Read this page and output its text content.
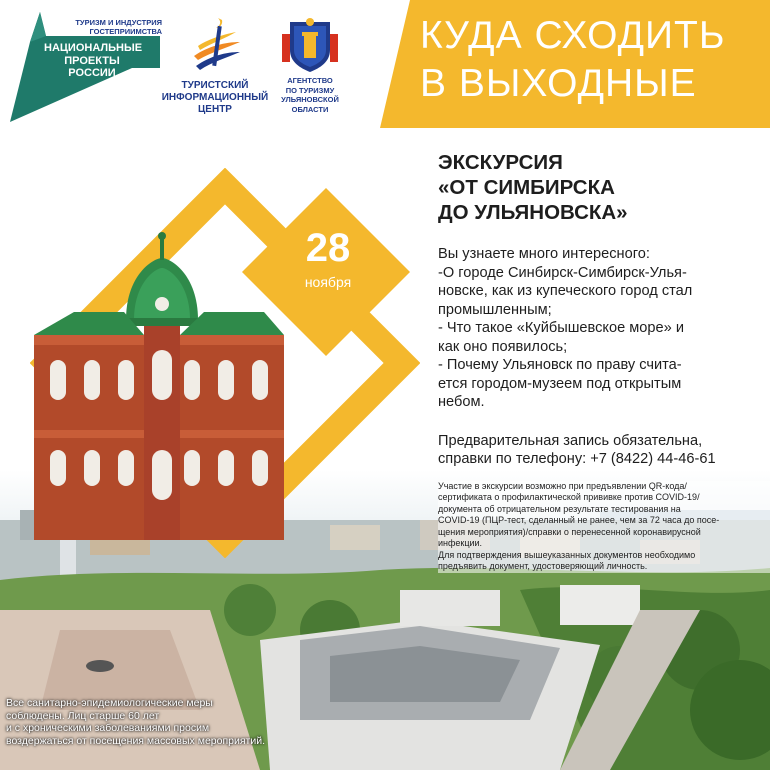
ТУРИЗМ И ИНДУСТРИЯ ГОСТЕПРИИМСТВА
НАЦИОНАЛЬНЫЕ ПРОЕКТЫ РОССИИ
ТУРИСТСКИЙ
ИНФОРМАЦИОННЫЙ
ЦЕНТР
АГЕНТСТВО
ПО ТУРИЗМУ
УЛЬЯНОВСКОЙ
ОБЛАСТИ
КУДА СХОДИТЬ
В ВЫХОДНЫЕ
28
ноября
ЭКСКУРСИЯ
«ОТ СИМБИРСКА
ДО УЛЬЯНОВСКА»
Вы узнаете много интересного:
-О городе Синбирск-Симбирск-Улья-
новске, как из купеческого город стал
промышленным;
- Что такое «Куйбышевское море» и
как оно появилось;
- Почему Ульяновск по праву счита-
ется городом-музеем под открытым
небом.
Предварительная запись обязательна,
справки по телефону: +7 (8422) 44-46-61
Участие в экскурсии возможно при предъявлении QR-кода/
сертификата о профилактической прививке против COVID-19/
документа об отрицательном результате тестирования на
COVID-19 (ПЦР-тест, сделанный не ранее, чем за 72 часа до посе-
щения мероприятия)/справки о перенесенной коронавирусной
инфекции.
Для подтверждения вышеуказанных документов необходимо
предъявить документ, удостоверяющий личность.
Все санитарно-эпидемиологические меры
соблюдены. Лиц старше 60 лет
и с хроническими заболеваниями просим
воздержаться от посещения массовых мероприятий.
